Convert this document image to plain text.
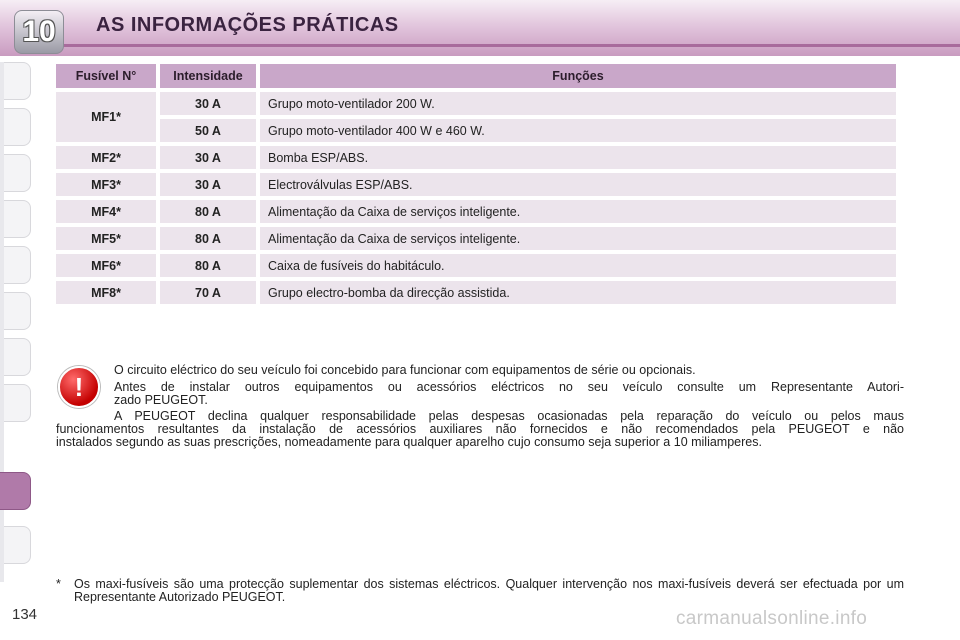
10	AS INFORMAÇÕES PRÁTICAS
Fusível N°	Intensidade	Funções
MF1*	30 A	Grupo moto-ventilador 200 W.
	50 A	Grupo moto-ventilador 400 W e 460 W.
MF2*	30 A	Bomba ESP/ABS.
MF3*	30 A	Electroválvulas ESP/ABS.
MF4*	80 A	Alimentação da Caixa de serviços inteligente.
MF5*	80 A	Alimentação da Caixa de serviços inteligente.
MF6*	80 A	Caixa de fusíveis do habitáculo.
MF8*	70 A	Grupo electro-bomba da direcção assistida.
!
O circuito eléctrico do seu veículo foi concebido para funcionar com equipamentos de série ou opcionais.
Antes de instalar outros equipamentos ou acessórios eléctricos no seu veículo consulte um Representante Autori-
zado PEUGEOT.
A PEUGEOT declina qualquer responsabilidade pelas despesas ocasionadas pela reparação do veículo ou pelos maus
funcionamentos resultantes da instalação de acessórios auxiliares não fornecidos e não recomendados pela PEUGEOT e não
instalados segundo as suas prescrições, nomeadamente para qualquer aparelho cujo consumo seja superior a 10 miliamperes.
* Os maxi-fusíveis são uma protecção suplementar dos sistemas eléctricos. Qualquer intervenção nos maxi-fusíveis deverá ser efectuada por um Representante Autorizado PEUGEOT.
134	carmanualsonline.info
